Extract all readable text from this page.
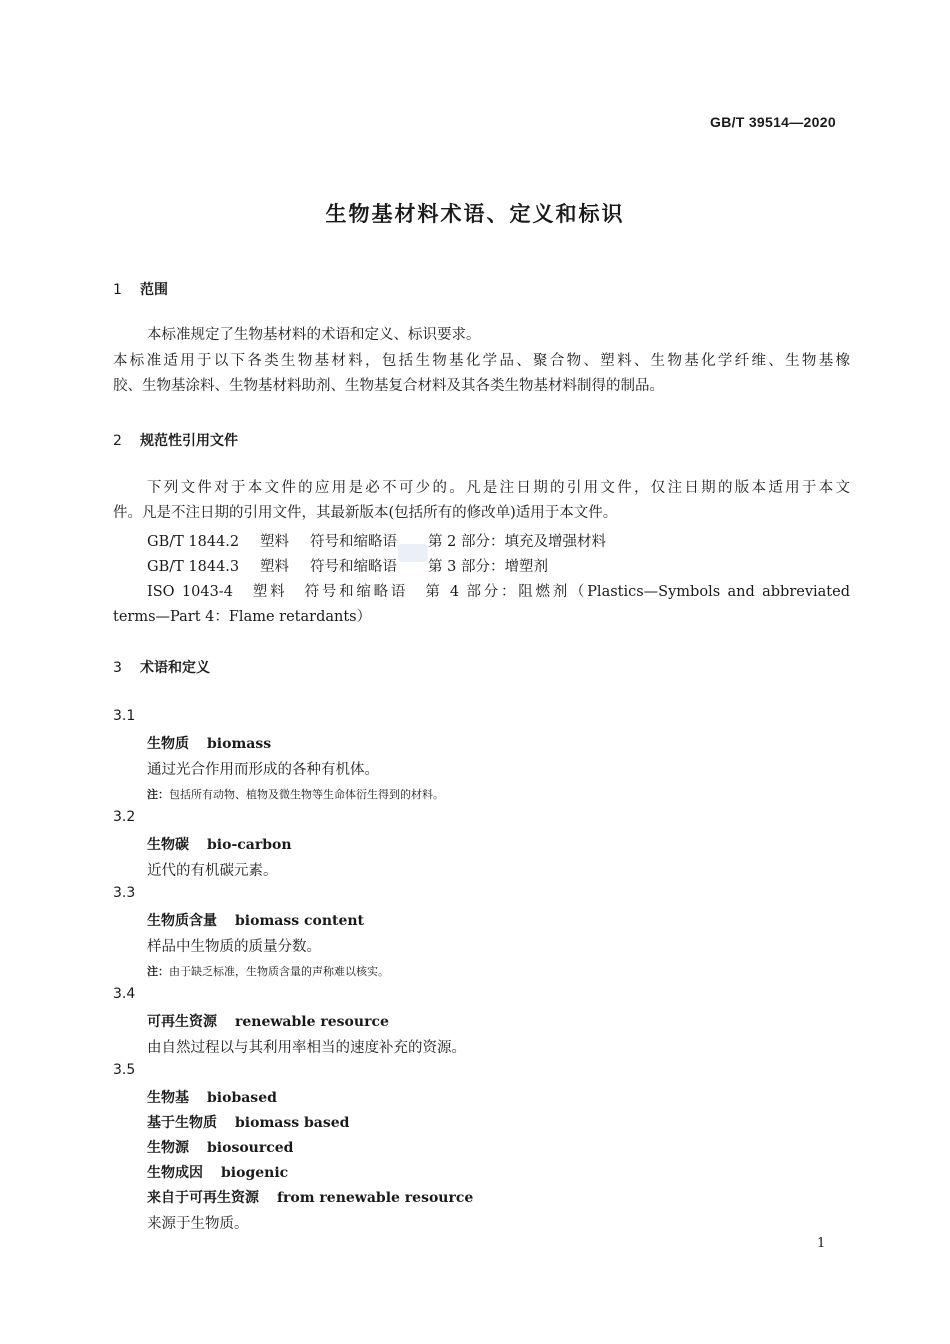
GB/T 39514—2020
生物基材料术语、定义和标识
1 范围
本标准规定了生物基材料的术语和定义、标识要求。
本标准适用于以下各类生物基材料，包括生物基化学品、聚合物、塑料、生物基化学纤维、生物基橡
胶、生物基涂料、生物基材料助剂、生物基复合材料及其各类生物基材料制得的制品。
2 规范性引用文件
下列文件对于本文件的应用是必不可少的。凡是注日期的引用文件，仅注日期的版本适用于本文
件。凡是不注日期的引用文件，其最新版本(包括所有的修改单)适用于本文件。
GB/T 1844.2 塑料 符号和缩略语 第 2 部分：填充及增强材料
GB/T 1844.3 塑料 符号和缩略语 第 3 部分：增塑剂
ISO 1043-4　塑料　符号和缩略语　第 4 部分：阻燃剂（Plastics—Symbols and abbreviated
terms—Part 4：Flame retardants）
3 术语和定义
3.1
生物质 biomass
通过光合作用而形成的各种有机体。
注：包括所有动物、植物及微生物等生命体衍生得到的材料。
3.2
生物碳 bio-carbon
近代的有机碳元素。
3.3
生物质含量 biomass content
样品中生物质的质量分数。
注：由于缺乏标准，生物质含量的声称难以核实。
3.4
可再生资源 renewable resource
由自然过程以与其利用率相当的速度补充的资源。
3.5
生物基 biobased
基于生物质 biomass based
生物源 biosourced
生物成因 biogenic
来自于可再生资源 from renewable resource
来源于生物质。
1
